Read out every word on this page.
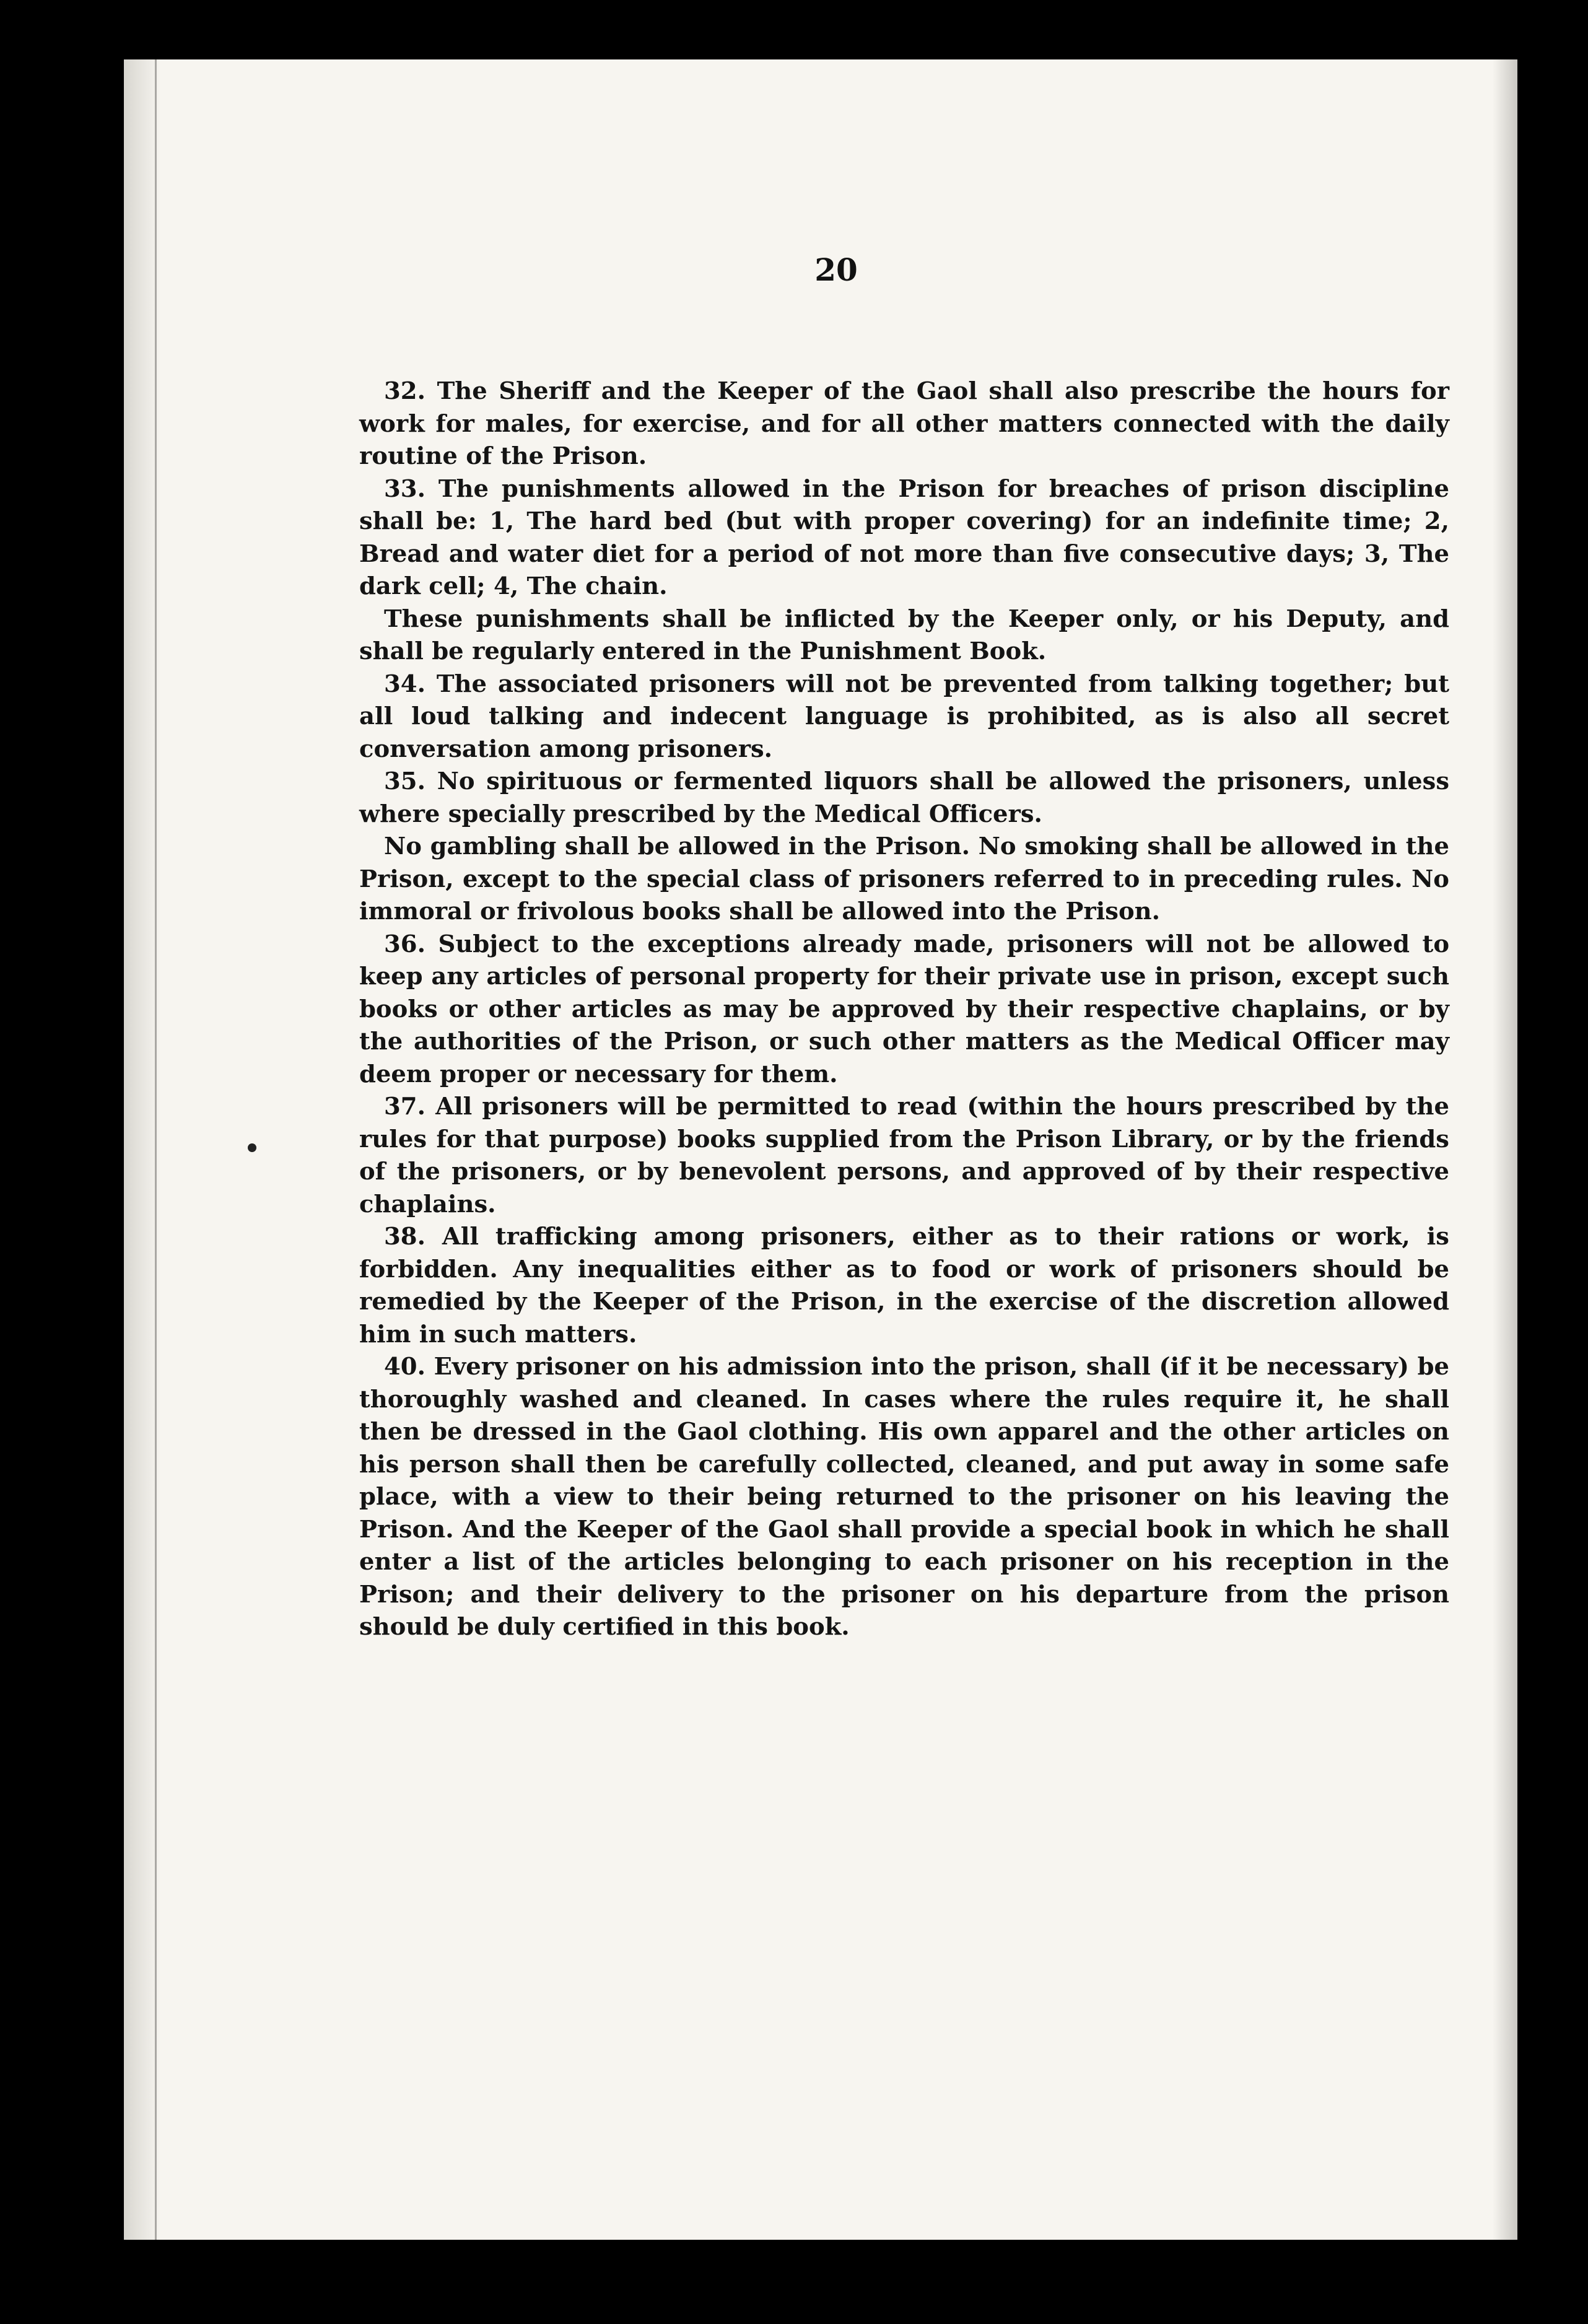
20

32. The Sheriff and the Keeper of the Gaol shall also prescribe the hours for work for males, for exercise, and for all other matters connected with the daily routine of the Prison.

33. The punishments allowed in the Prison for breaches of prison discipline shall be: 1, The hard bed (but with proper covering) for an indefinite time; 2, Bread and water diet for a period of not more than five consecutive days; 3, The dark cell; 4, The chain.

These punishments shall be inflicted by the Keeper only, or his Deputy, and shall be regularly entered in the Punishment Book.

34. The associated prisoners will not be prevented from talking together; but all loud talking and indecent language is prohibited, as is also all secret conversation among prisoners.

35. No spirituous or fermented liquors shall be allowed the prisoners, unless where specially prescribed by the Medical Officers.

No gambling shall be allowed in the Prison. No smoking shall be allowed in the Prison, except to the special class of prisoners referred to in preceding rules. No immoral or frivolous books shall be allowed into the Prison.

36. Subject to the exceptions already made, prisoners will not be allowed to keep any articles of personal property for their private use in prison, except such books or other articles as may be approved by their respective chaplains, or by the authorities of the Prison, or such other matters as the Medical Officer may deem proper or necessary for them.

37. All prisoners will be permitted to read (within the hours prescribed by the rules for that purpose) books supplied from the Prison Library, or by the friends of the prisoners, or by benevolent persons, and approved of by their respective chaplains.

38. All trafficking among prisoners, either as to their rations or work, is forbidden. Any inequalities either as to food or work of prisoners should be remedied by the Keeper of the Prison, in the exercise of the discretion allowed him in such matters.

40. Every prisoner on his admission into the prison, shall (if it be necessary) be thoroughly washed and cleaned. In cases where the rules require it, he shall then be dressed in the Gaol clothing. His own apparel and the other articles on his person shall then be carefully collected, cleaned, and put away in some safe place, with a view to their being returned to the prisoner on his leaving the Prison. And the Keeper of the Gaol shall provide a special book in which he shall enter a list of the articles belonging to each prisoner on his reception in the Prison; and their delivery to the prisoner on his departure from the prison should be duly certified in this book.
